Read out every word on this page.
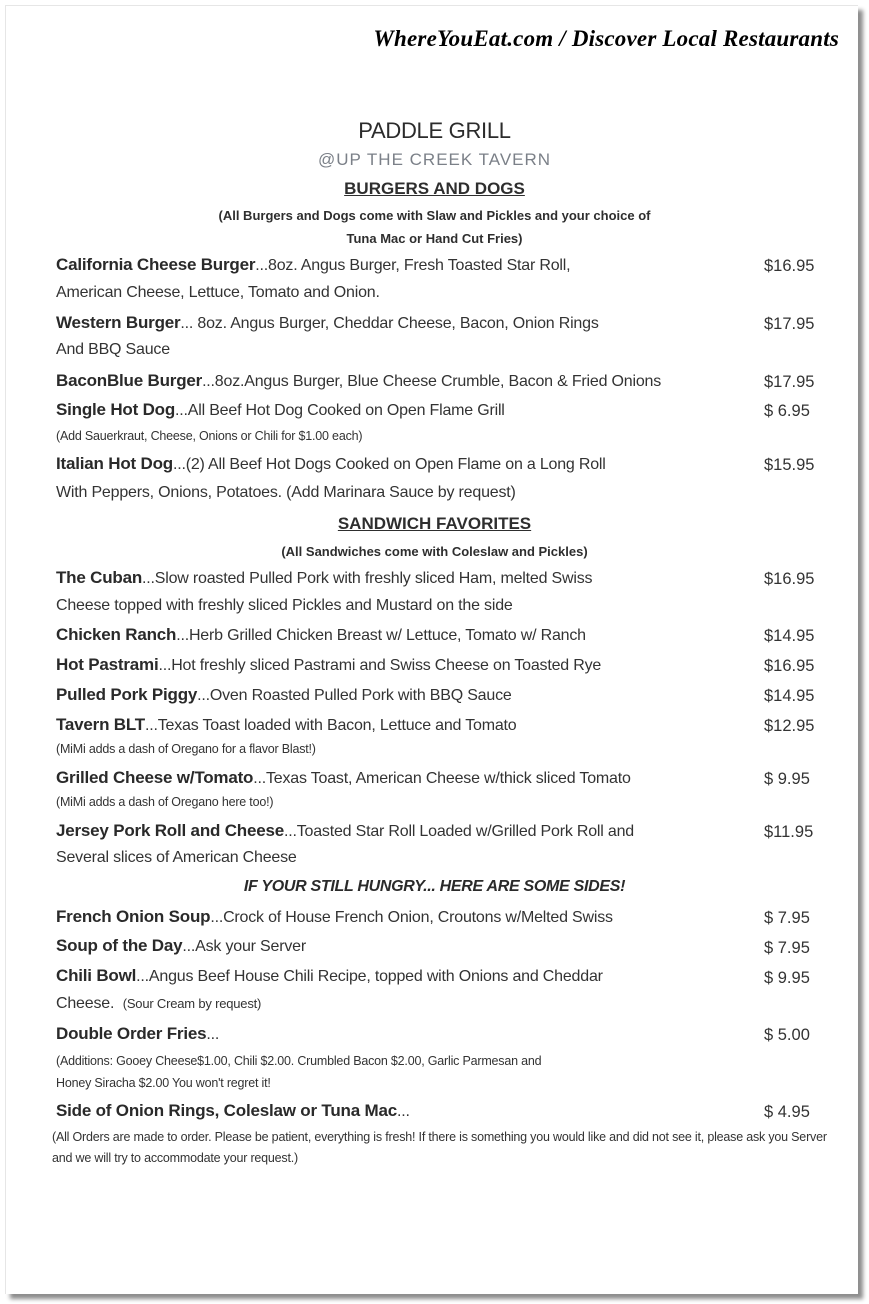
WhereYouEat.com / Discover Local Restaurants
PADDLE GRILL
@UP THE CREEK TAVERN
BURGERS AND DOGS
(All Burgers and Dogs come with Slaw and Pickles and your choice of
Tuna Mac or Hand Cut Fries)
California Cheese Burger...8oz. Angus Burger, Fresh Toasted Star Roll,	$16.95
American Cheese, Lettuce, Tomato and Onion.
Western Burger... 8oz. Angus Burger, Cheddar Cheese, Bacon, Onion Rings	$17.95
And BBQ Sauce
BaconBlue Burger...8oz.Angus Burger, Blue Cheese Crumble, Bacon & Fried Onions	$17.95
Single Hot Dog...All Beef Hot Dog Cooked on Open Flame Grill	$ 6.95
(Add Sauerkraut, Cheese, Onions or Chili for $1.00 each)
Italian Hot Dog...(2) All Beef Hot Dogs Cooked on Open Flame on a Long Roll	$15.95
With Peppers, Onions, Potatoes. (Add Marinara Sauce by request)
SANDWICH FAVORITES
(All Sandwiches come with Coleslaw and Pickles)
The Cuban...Slow roasted Pulled Pork with freshly sliced Ham, melted Swiss	$16.95
Cheese topped with freshly sliced Pickles and Mustard on the side
Chicken Ranch...Herb Grilled Chicken Breast w/ Lettuce, Tomato w/ Ranch	$14.95
Hot Pastrami...Hot freshly sliced Pastrami and Swiss Cheese on Toasted Rye	$16.95
Pulled Pork Piggy...Oven Roasted Pulled Pork with BBQ Sauce	$14.95
Tavern BLT...Texas Toast loaded with Bacon, Lettuce and Tomato	$12.95
(MiMi adds a dash of Oregano for a flavor Blast!)
Grilled Cheese w/Tomato...Texas Toast, American Cheese w/thick sliced Tomato	$ 9.95
(MiMi adds a dash of Oregano here too!)
Jersey Pork Roll and Cheese...Toasted Star Roll Loaded w/Grilled Pork Roll and	$11.95
Several slices of American Cheese
IF YOUR STILL HUNGRY... HERE ARE SOME SIDES!
French Onion Soup...Crock of House French Onion, Croutons w/Melted Swiss	$ 7.95
Soup of the Day...Ask your Server	$ 7.95
Chili Bowl...Angus Beef House Chili Recipe, topped with Onions and Cheddar	$ 9.95
Cheese. (Sour Cream by request)
Double Order Fries...	$ 5.00
(Additions: Gooey Cheese$1.00, Chili $2.00. Crumbled Bacon $2.00, Garlic Parmesan and
Honey Siracha $2.00 You won't regret it!
Side of Onion Rings, Coleslaw or Tuna Mac...	$ 4.95
(All Orders are made to order. Please be patient, everything is fresh! If there is something you would like and did not see it, please ask you Server and we will try to accommodate your request.)
